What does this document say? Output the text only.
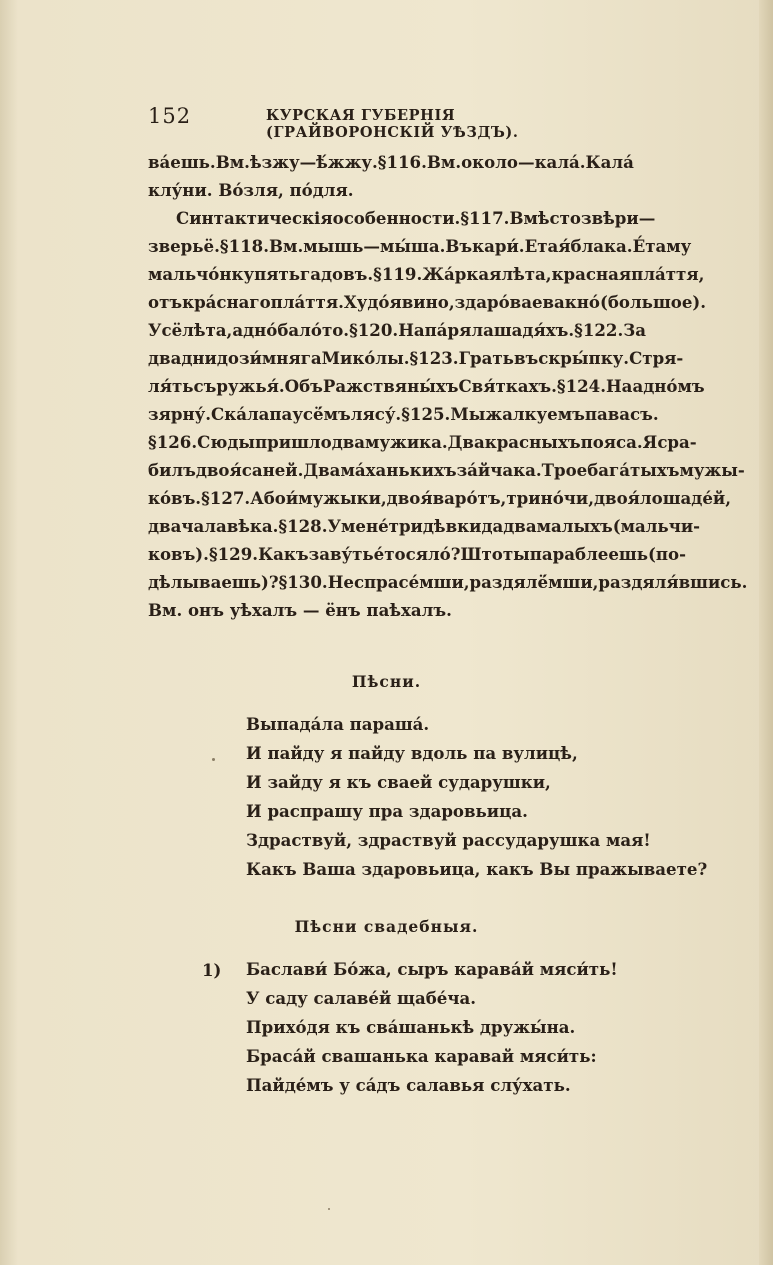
152	КУРСКАЯ ГУБЕРНІЯ (ГРАЙВОРОНСКІЙ УѢЗДЪ).
ва́ешь. Вм. ѣзжу — ѣ́жжу. § 116. Вм. около — кала́. Кала́
клу́ни. Во́зля, по́для.
Синтактическія особенности. § 117. Вмѣсто звѣри —
зверьё. § 118. Вм. мышь — мы́ша. Въ кари́. Ета я́блака. Е́таму
мальчо́нку пять гадовъ. § 119. Жа́ркая лѣта, красная пла́ття,
отъ кра́снаго пла́ття. Худо́я вино, здаро́вае вакно́ (большое).
Усё лѣта, адно́ бало́то. § 120. На па́ря лашадя́хъ. § 122. За
два дни до зи́мняга Мико́лы. § 123. Грать въ скры́пку. Стря-
ля́ть съ ружья́. Объ Ражствяны́хъ Свя́ткахъ. § 124. На адно́мъ
зярну́. Ска́ла па усё́мъ лясу́. § 125. Мы жалкуемъ па васъ.
§ 126. Сюды пришло два мужика. Два красныхъ пояса. Я сра-
билъ двоя́ саней. Два ма́ханькихъ за́йчака. Трое бага́тыхъ мужы-
ко́въ. § 127. Абои́ мужыки, двоя́ варо́тъ, три но́чи, двоя́ лошаде́й,
два чалавѣка. § 128. У мене́ три дѣвки да два малыхъ (мальчи-
ковъ). § 129. Какъ заву́ть е́то сяло́? Што ты параблеешь (по-
дѣлываешь)? § 130. Не спрасе́мши, раздялё́мши, раздяля́вшись.
Вм. онъ уѣхалъ — ёнъ паѣхалъ.
Пѣсни.
Выпада́ла параша́.
И пайду я пайду вдоль па вулицѣ,
И зайду я къ сваей сударушки,
И распрашу пра здаровьица.
Здраствуй, здраствуй рассударушка мая!
Какъ Ваша здаровьица, какъ Вы пражываете?
Пѣсни свадебныя.
1) Баслави́ Бо́жа, сыръ карава́й мяси́ть!
У саду салаве́й щабе́ча.
Прихо́дя къ сва́шанькѣ дружы́на.
Браса́й свашанька каравай мяси́ть:
Пайде́мъ у са́дъ салавья слу́хать.
